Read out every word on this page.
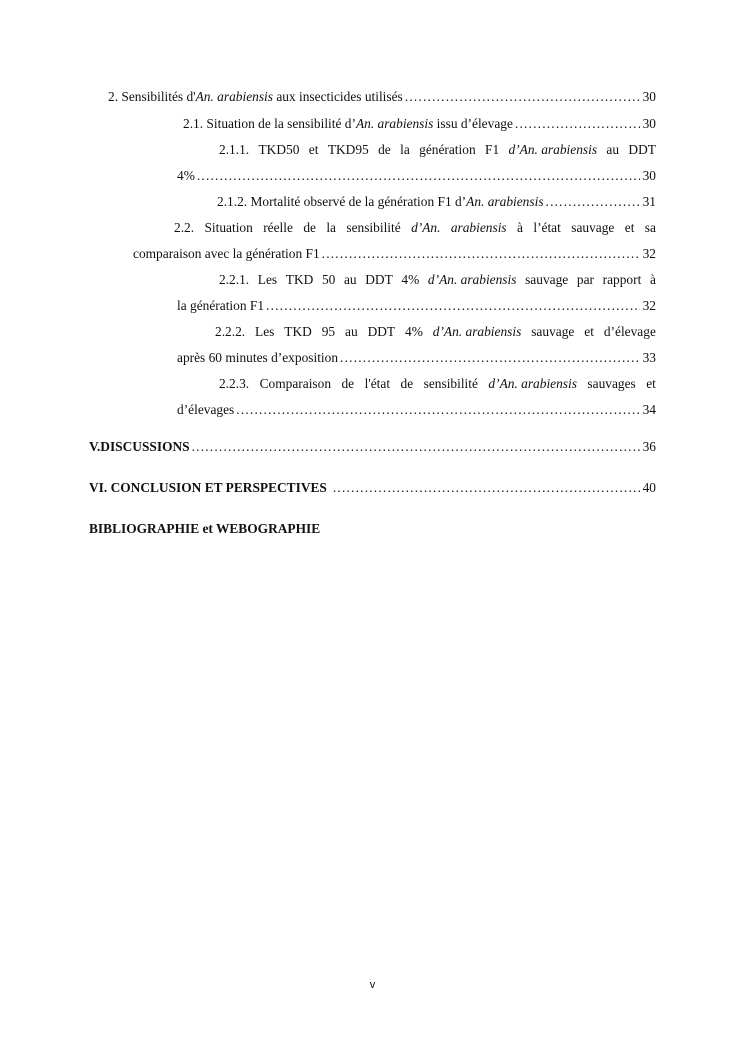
2. Sensibilités d'An. arabiensis aux insecticides utilisés .....	30
2.1. Situation de la sensibilité d’An. arabiensis issu d’élevage .....	30
2.1.1. TKD50 et TKD95 de la génération F1 d’An. arabiensis au DDT
4% .....	30
2.1.2. Mortalité observé de la génération F1 d’An. arabiensis .....	31
2.2. Situation réelle de la sensibilité d’An. arabiensis à l’état sauvage et sa
comparaison avec la génération F1 .....	32
2.2.1. Les TKD 50 au DDT 4% d’An. arabiensis sauvage par rapport à
la génération F1 .....	32
2.2.2. Les TKD 95 au DDT 4% d’An. arabiensis sauvage et d’élevage
après 60 minutes d’exposition .....	33
2.2.3. Comparaison de l'état de sensibilité d’An. arabiensis sauvages et
d’élevages .....	34
V. DISCUSSIONS .....	36
VI. CONCLUSION ET PERSPECTIVES .....	40
BIBLIOGRAPHIE et WEBOGRAPHIE
v
